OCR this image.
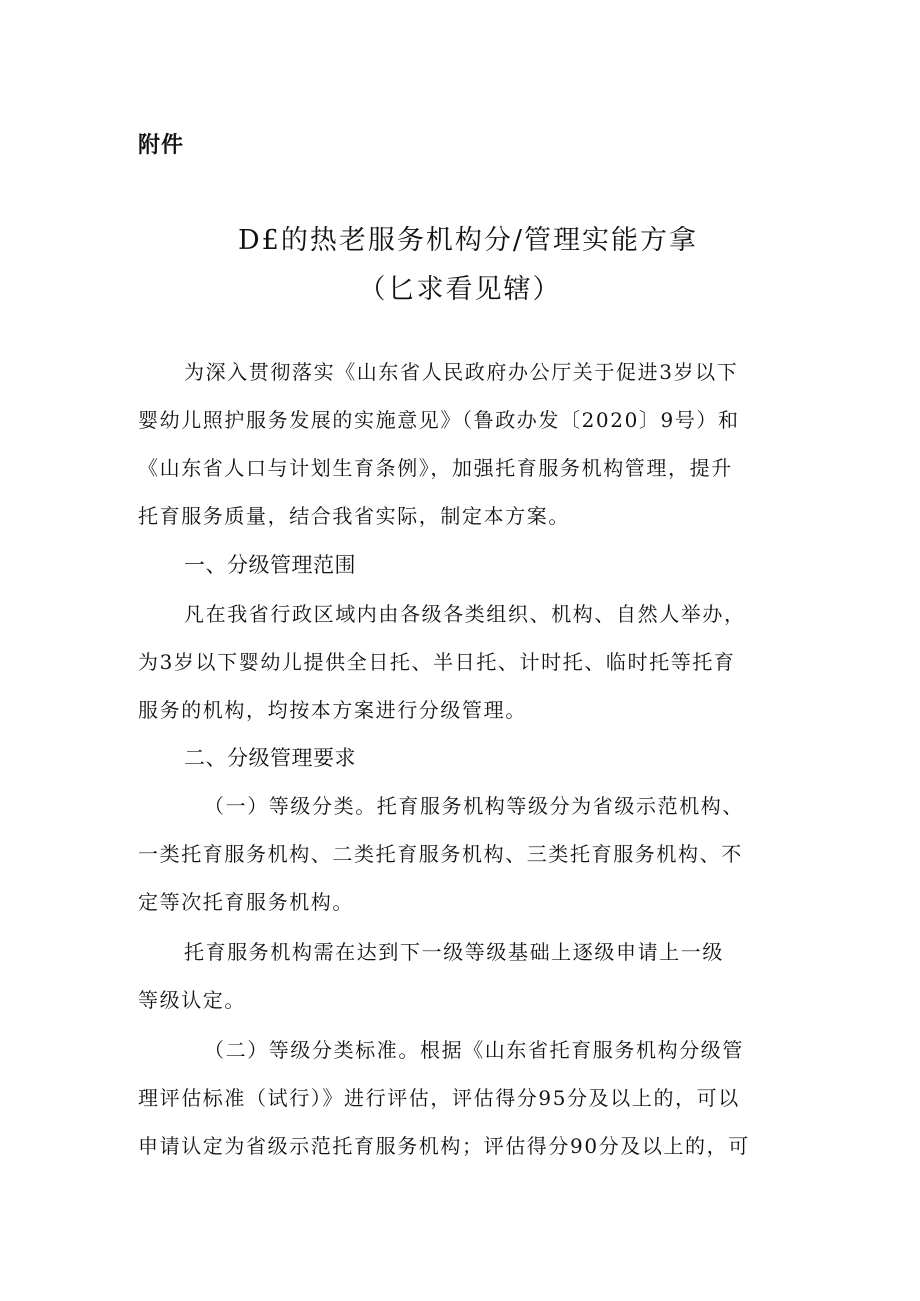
附件
D£的热老服务机构分/管理实能方拿
（匕求看见辖）
为深入贯彻落实《山东省人民政府办公厅关于促进3岁以下
婴幼儿照护服务发展的实施意见》（鲁政办发〔2020〕9号）和
《山东省人口与计划生育条例》，加强托育服务机构管理，提升
托育服务质量，结合我省实际，制定本方案。
一、分级管理范围
凡在我省行政区域内由各级各类组织、机构、自然人举办，
为3岁以下婴幼儿提供全日托、半日托、计时托、临时托等托育
服务的机构，均按本方案进行分级管理。
二、分级管理要求
（一）等级分类。托育服务机构等级分为省级示范机构、
一类托育服务机构、二类托育服务机构、三类托育服务机构、不
定等次托育服务机构。
托育服务机构需在达到下一级等级基础上逐级申请上一级
等级认定。
（二）等级分类标准。根据《山东省托育服务机构分级管
理评估标准（试行）》进行评估，评估得分95分及以上的，可以
申请认定为省级示范托育服务机构；评估得分90分及以上的，可
